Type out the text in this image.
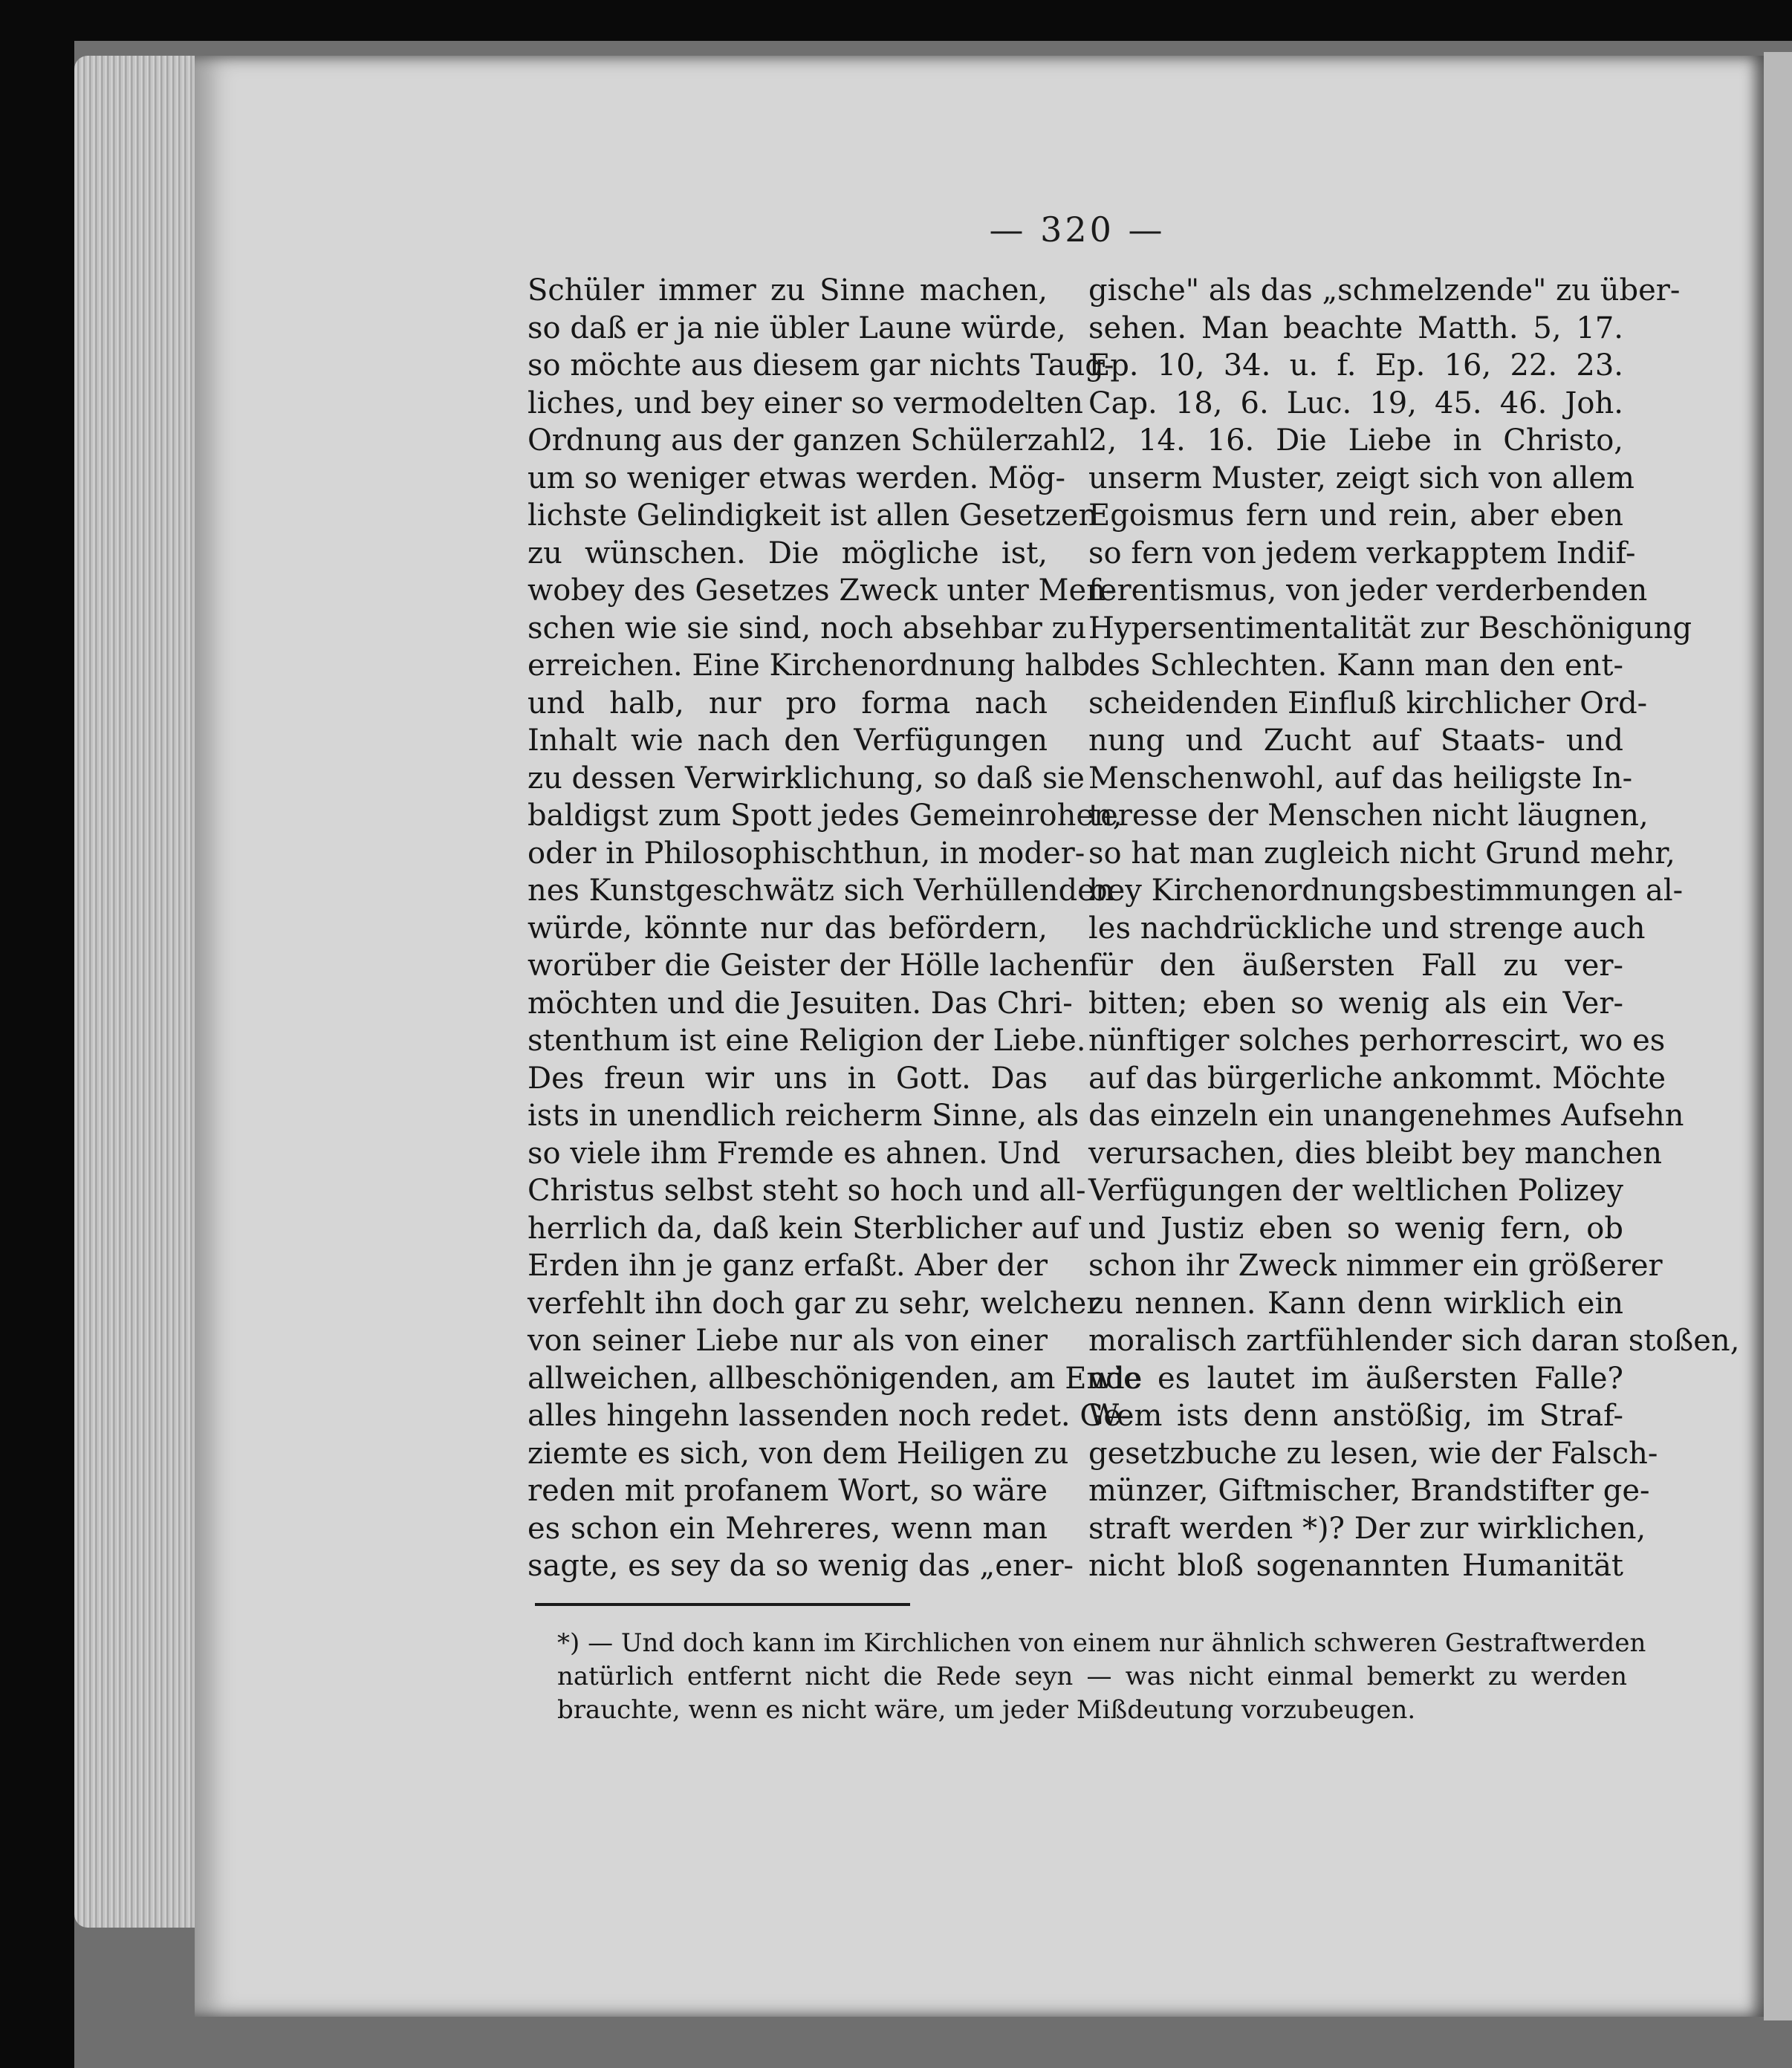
— 320 —
Schüler immer zu Sinne machen,
so daß er ja nie übler Laune würde,
so möchte aus diesem gar nichts Taug-
liches, und bey einer so vermodelten
Ordnung aus der ganzen Schülerzahl
um so weniger etwas werden. Mög-
lichste Gelindigkeit ist allen Gesetzen
zu wünschen. Die mögliche ist,
wobey des Gesetzes Zweck unter Men-
schen wie sie sind, noch absehbar zu
erreichen. Eine Kirchenordnung halb
und halb, nur pro forma nach
Inhalt wie nach den Verfügungen
zu dessen Verwirklichung, so daß sie
baldigst zum Spott jedes Gemeinrohen,
oder in Philosophischthun, in moder-
nes Kunstgeschwätz sich Verhüllenden
würde, könnte nur das befördern,
worüber die Geister der Hölle lachen
möchten und die Jesuiten. Das Chri-
stenthum ist eine Religion der Liebe.
Des freun wir uns in Gott. Das
ists in unendlich reicherm Sinne, als
so viele ihm Fremde es ahnen. Und
Christus selbst steht so hoch und all-
herrlich da, daß kein Sterblicher auf
Erden ihn je ganz erfaßt. Aber der
verfehlt ihn doch gar zu sehr, welcher
von seiner Liebe nur als von einer
allweichen, allbeschönigenden, am Ende
alles hingehn lassenden noch redet. Ge-
ziemte es sich, von dem Heiligen zu
reden mit profanem Wort, so wäre
es schon ein Mehreres, wenn man
sagte, es sey da so wenig das „ener-
gische" als das „schmelzende" zu über-
sehen. Man beachte Matth. 5, 17.
Ep. 10, 34. u. f. Ep. 16, 22. 23.
Cap. 18, 6. Luc. 19, 45. 46. Joh.
2, 14. 16. Die Liebe in Christo,
unserm Muster, zeigt sich von allem
Egoismus fern und rein, aber eben
so fern von jedem verkapptem Indif-
ferentismus, von jeder verderbenden
Hypersentimentalität zur Beschönigung
des Schlechten. Kann man den ent-
scheidenden Einfluß kirchlicher Ord-
nung und Zucht auf Staats- und
Menschenwohl, auf das heiligste In-
teresse der Menschen nicht läugnen,
so hat man zugleich nicht Grund mehr,
bey Kirchenordnungsbestimmungen al-
les nachdrückliche und strenge auch
für den äußersten Fall zu ver-
bitten; eben so wenig als ein Ver-
nünftiger solches perhorrescirt, wo es
auf das bürgerliche ankommt. Möchte
das einzeln ein unangenehmes Aufsehn
verursachen, dies bleibt bey manchen
Verfügungen der weltlichen Polizey
und Justiz eben so wenig fern, ob
schon ihr Zweck nimmer ein größerer
zu nennen. Kann denn wirklich ein
moralisch zartfühlender sich daran stoßen,
wie es lautet im äußersten Falle?
Wem ists denn anstößig, im Straf-
gesetzbuche zu lesen, wie der Falsch-
münzer, Giftmischer, Brandstifter ge-
straft werden *)? Der zur wirklichen,
nicht bloß sogenannten Humanität
*) — Und doch kann im Kirchlichen von einem nur ähnlich schweren Gestraftwerden
natürlich entfernt nicht die Rede seyn — was nicht einmal bemerkt zu werden
brauchte, wenn es nicht wäre, um jeder Mißdeutung vorzubeugen.
